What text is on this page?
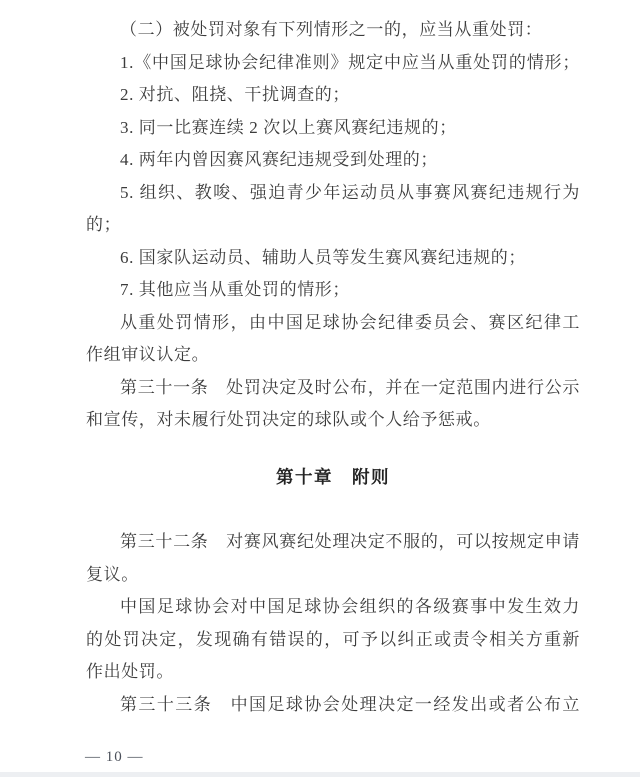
（二）被处罚对象有下列情形之一的，应当从重处罚：
1.《中国足球协会纪律准则》规定中应当从重处罚的情形；
2. 对抗、阻挠、干扰调查的；
3. 同一比赛连续 2 次以上赛风赛纪违规的；
4. 两年内曾因赛风赛纪违规受到处理的；
5. 组织、教唆、强迫青少年运动员从事赛风赛纪违规行为
的；
6. 国家队运动员、辅助人员等发生赛风赛纪违规的；
7. 其他应当从重处罚的情形；
从重处罚情形，由中国足球协会纪律委员会、赛区纪律工
作组审议认定。
第三十一条　处罚决定及时公布，并在一定范围内进行公示
和宣传，对未履行处罚决定的球队或个人给予惩戒。
第十章　附则
第三十二条　对赛风赛纪处理决定不服的，可以按规定申请
复议。
中国足球协会对中国足球协会组织的各级赛事中发生效力
的处罚决定，发现确有错误的，可予以纠正或责令相关方重新
作出处罚。
第三十三条　中国足球协会处理决定一经发出或者公布立
— 10 —
